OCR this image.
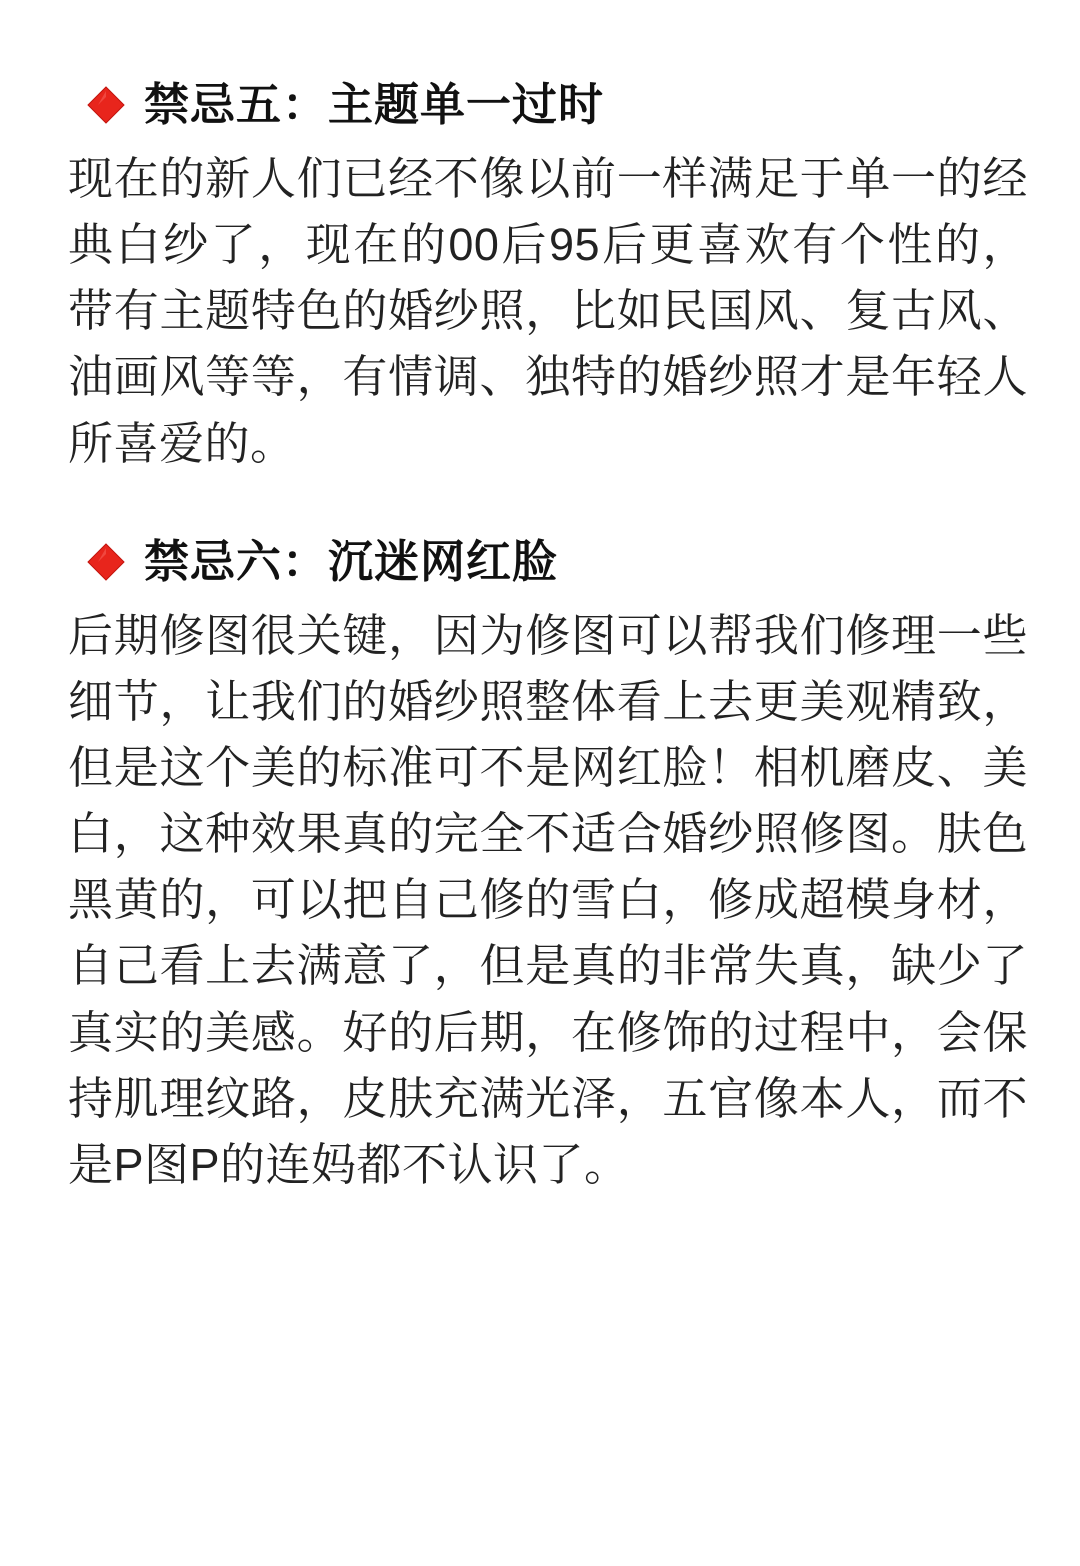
禁忌五：主题单一过时

现在的新人们已经不像以前一样满足于单一的经典白纱了，现在的00后95后更喜欢有个性的，带有主题特色的婚纱照，比如民国风、复古风、油画风等等，有情调、独特的婚纱照才是年轻人所喜爱的。

禁忌六：沉迷网红脸

后期修图很关键，因为修图可以帮我们修理一些细节，让我们的婚纱照整体看上去更美观精致，但是这个美的标准可不是网红脸！相机磨皮、美白，这种效果真的完全不适合婚纱照修图。肤色黑黄的，可以把自己修的雪白，修成超模身材，自己看上去满意了，但是真的非常失真，缺少了真实的美感。好的后期，在修饰的过程中，会保持肌理纹路，皮肤充满光泽，五官像本人，而不是P图P的连妈都不认识了。
